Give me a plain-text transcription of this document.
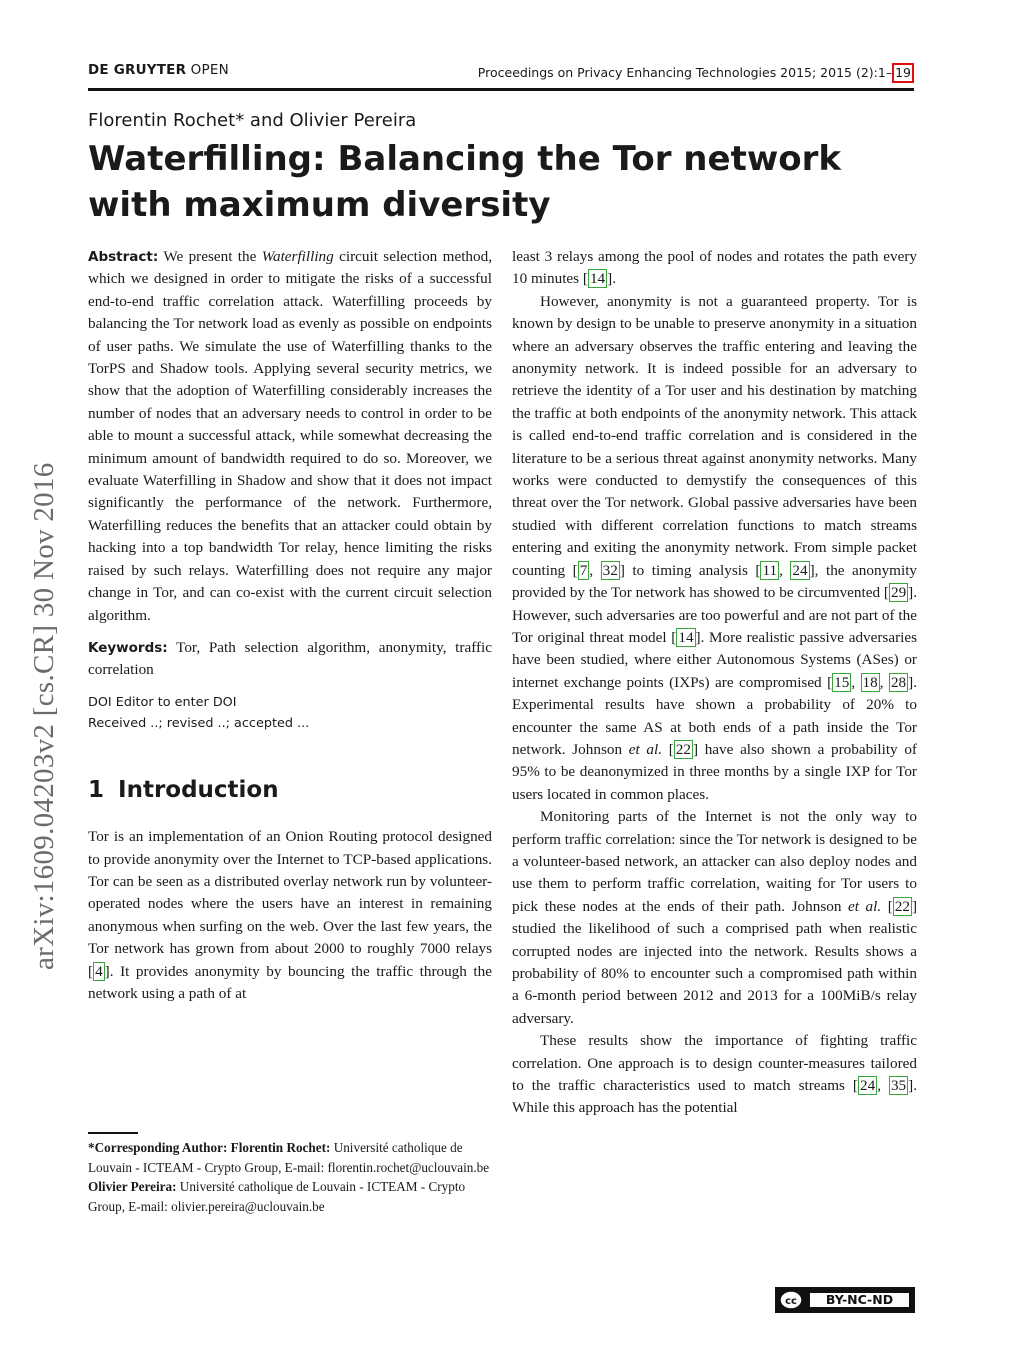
DE GRUYTER OPEN	Proceedings on Privacy Enhancing Technologies 2015; 2015 (2):1– 19
Florentin Rochet* and Olivier Pereira
Waterfilling: Balancing the Tor network with maximum diversity
arXiv:1609.04203v2 [cs.CR] 30 Nov 2016

Abstract: We present the Waterfilling circuit selection method, which we designed in order to mitigate the risks of a successful end-to-end traffic correlation attack. Waterfilling proceeds by balancing the Tor network load as evenly as possible on endpoints of user paths. We simulate the use of Waterfilling thanks to the TorPS and Shadow tools. Applying several security metrics, we show that the adoption of Waterfilling considerably increases the number of nodes that an adversary needs to control in order to be able to mount a successful attack, while somewhat decreasing the minimum amount of bandwidth required to do so. Moreover, we evaluate Waterfilling in Shadow and show that it does not impact significantly the performance of the network. Furthermore, Waterfilling reduces the benefits that an attacker could obtain by hacking into a top bandwidth Tor relay, hence limiting the risks raised by such relays. Waterfilling does not require any major change in Tor, and can co-exist with the current circuit selection algorithm.

Keywords: Tor, Path selection algorithm, anonymity, traffic correlation

DOI Editor to enter DOI
Received ..; revised ..; accepted ...

1 Introduction

Tor is an implementation of an Onion Routing protocol designed to provide anonymity over the Internet to TCP-based applications. Tor can be seen as a distributed overlay network run by volunteer-operated nodes where the users have an interest in remaining anonymous when surfing on the web. Over the last few years, the Tor network has grown from about 2000 to roughly 7000 relays [ 4 ]. It provides anonymity by bouncing the traffic through the network using a path of at

*Corresponding Author: Florentin Rochet: Université catholique de Louvain - ICTEAM - Crypto Group, E-mail: florentin.rochet@uclouvain.be

Olivier Pereira: Université catholique de Louvain - ICTEAM - Crypto Group, E-mail: olivier.pereira@uclouvain.be

least 3 relays among the pool of nodes and rotates the path every 10 minutes [ 14 ].

However, anonymity is not a guaranteed property. Tor is known by design to be unable to preserve anonymity in a situation where an adversary observes the traffic entering and leaving the anonymity network. It is indeed possible for an adversary to retrieve the identity of a Tor user and his destination by matching the traffic at both endpoints of the anonymity network. This attack is called end-to-end traffic correlation and is considered in the literature to be a serious threat against anonymity networks. Many works were conducted to demystify the consequences of this threat over the Tor network. Global passive adversaries have been studied with different correlation functions to match streams entering and exiting the anonymity network. From simple packet counting [ 7 , 32 ] to timing analysis [ 11 , 24 ], the anonymity provided by the Tor network has showed to be circumvented [ 29 ]. However, such adversaries are too powerful and are not part of the Tor original threat model [ 14 ]. More realistic passive adversaries have been studied, where either Autonomous Systems (ASes) or internet exchange points (IXPs) are compromised [ 15 , 18 , 28 ]. Experimental results have shown a probability of 20% to encounter the same AS at both ends of a path inside the Tor network. Johnson et al. [ 22 ] have also shown a probability of 95% to be deanonymized in three months by a single IXP for Tor users located in common places.

Monitoring parts of the Internet is not the only way to perform traffic correlation: since the Tor network is designed to be a volunteer-based network, an attacker can also deploy nodes and use them to perform traffic correlation, waiting for Tor users to pick these nodes at the ends of their path. Johnson et al. [ 22 ] studied the likelihood of such a comprised path when realistic corrupted nodes are injected into the network. Results shows a probability of 80% to encounter such a compromised path within a 6-month period between 2012 and 2013 for a 100MiB/s relay adversary.

These results show the importance of fighting traffic correlation. One approach is to design counter-measures tailored to the traffic characteristics used to match streams [ 24 , 35 ]. While this approach has the potential

cc	BY-NC-ND
